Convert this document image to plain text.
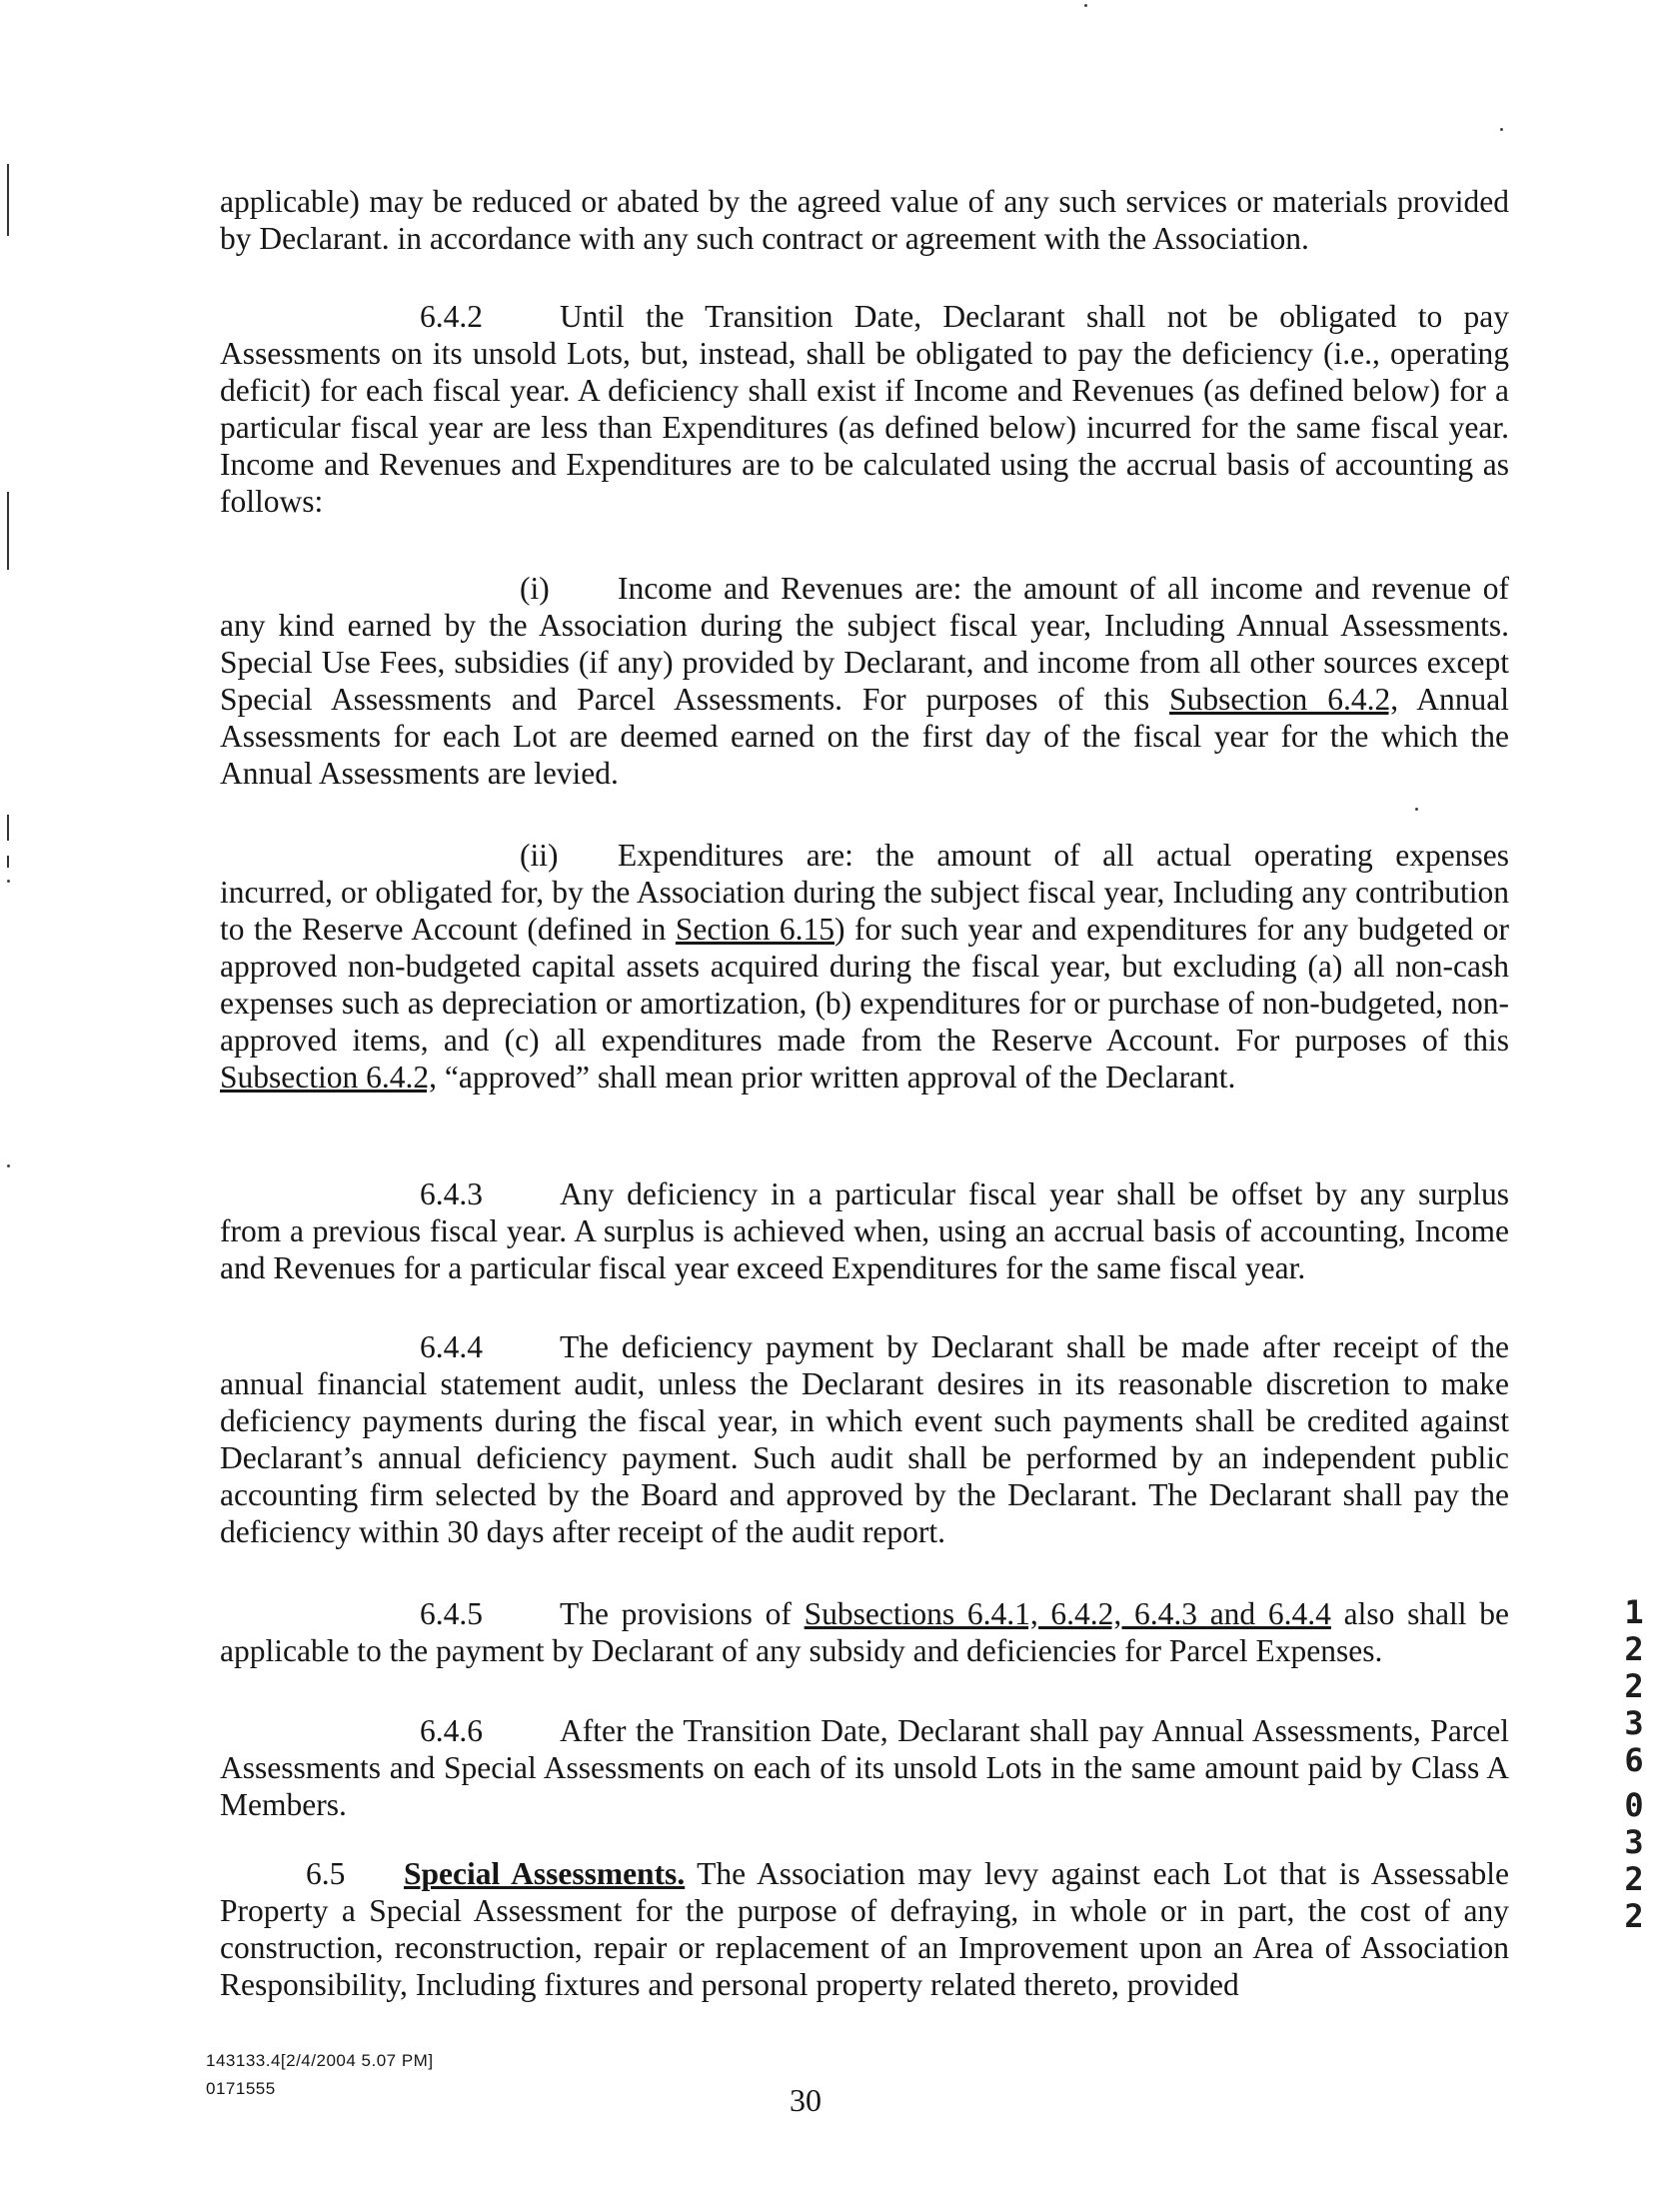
applicable) may be reduced or abated by the agreed value of any such services or materials provided by Declarant. in accordance with any such contract or agreement with the Association.

6.4.2 Until the Transition Date, Declarant shall not be obligated to pay Assessments on its unsold Lots, but, instead, shall be obligated to pay the deficiency (i.e., operating deficit) for each fiscal year. A deficiency shall exist if Income and Revenues (as defined below) for a particular fiscal year are less than Expenditures (as defined below) incurred for the same fiscal year. Income and Revenues and Expenditures are to be calculated using the accrual basis of accounting as follows:

(i) Income and Revenues are: the amount of all income and revenue of any kind earned by the Association during the subject fiscal year, Including Annual Assessments. Special Use Fees, subsidies (if any) provided by Declarant, and income from all other sources except Special Assessments and Parcel Assessments. For purposes of this Subsection 6.4.2, Annual Assessments for each Lot are deemed earned on the first day of the fiscal year for the which the Annual Assessments are levied.

(ii) Expenditures are: the amount of all actual operating expenses incurred, or obligated for, by the Association during the subject fiscal year, Including any contribution to the Reserve Account (defined in Section 6.15) for such year and expenditures for any budgeted or approved non-budgeted capital assets acquired during the fiscal year, but excluding (a) all non-cash expenses such as depreciation or amortization, (b) expenditures for or purchase of non-budgeted, non-approved items, and (c) all expenditures made from the Reserve Account. For purposes of this Subsection 6.4.2, “approved” shall mean prior written approval of the Declarant.

6.4.3 Any deficiency in a particular fiscal year shall be offset by any surplus from a previous fiscal year. A surplus is achieved when, using an accrual basis of accounting, Income and Revenues for a particular fiscal year exceed Expenditures for the same fiscal year.

6.4.4 The deficiency payment by Declarant shall be made after receipt of the annual financial statement audit, unless the Declarant desires in its reasonable discretion to make deficiency payments during the fiscal year, in which event such payments shall be credited against Declarant’s annual deficiency payment. Such audit shall be performed by an independent public accounting firm selected by the Board and approved by the Declarant. The Declarant shall pay the deficiency within 30 days after receipt of the audit report.

6.4.5 The provisions of Subsections 6.4.1, 6.4.2, 6.4.3 and 6.4.4 also shall be applicable to the payment by Declarant of any subsidy and deficiencies for Parcel Expenses.

6.4.6 After the Transition Date, Declarant shall pay Annual Assessments, Parcel Assessments and Special Assessments on each of its unsold Lots in the same amount paid by Class A Members.

6.5 Special Assessments. The Association may levy against each Lot that is Assessable Property a Special Assessment for the purpose of defraying, in whole or in part, the cost of any construction, reconstruction, repair or replacement of an Improvement upon an Area of Association Responsibility, Including fixtures and personal property related thereto, provided

143133.4[2/4/2004 5.07 PM]
0171555	30
1
2
2
3
6
0
3
2
2
